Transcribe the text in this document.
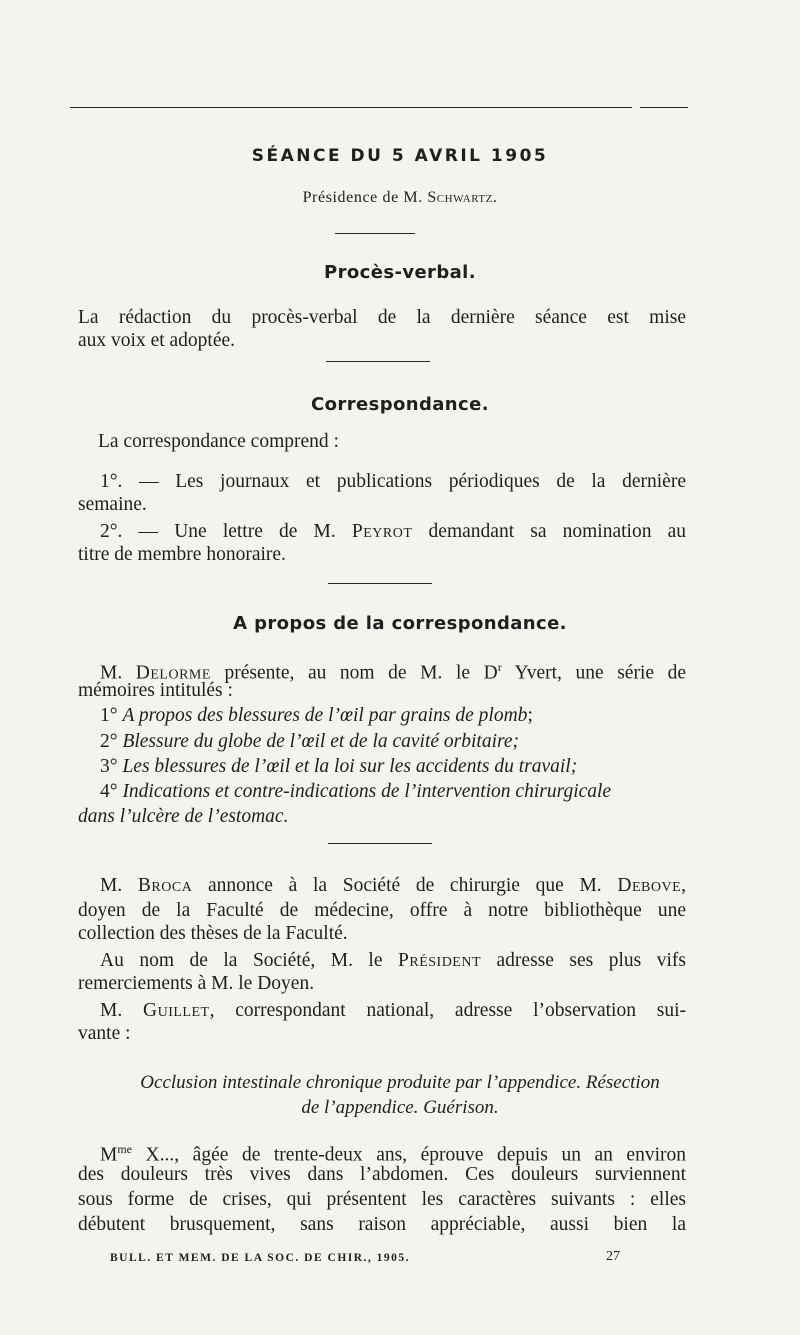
SÉANCE DU 5 AVRIL 1905
Présidence de M. Schwartz.
Procès-verbal.
La rédaction du procès-verbal de la dernière séance est mise
aux voix et adoptée.
Correspondance.
La correspondance comprend :
1°. — Les journaux et publications périodiques de la dernière
semaine.
2°. — Une lettre de M. Peyrot demandant sa nomination au
titre de membre honoraire.
A propos de la correspondance.
M. Delorme présente, au nom de M. le $D^r$ Yvert, une série de
mémoires intitulés :
1° A propos des blessures de l’œil par grains de plomb;
2° Blessure du globe de l’œil et de la cavité orbitaire;
3° Les blessures de l’œil et la loi sur les accidents du travail;
4° Indications et contre-indications de l’intervention chirurgicale
dans l’ulcère de l’estomac.
M. Broca annonce à la Société de chirurgie que M. Debove,
doyen de la Faculté de médecine, offre à notre bibliothèque une
collection des thèses de la Faculté.
Au nom de la Société, M. le Président adresse ses plus vifs
remerciements à M. le Doyen.
M. Guillet, correspondant national, adresse l’observation sui-
vante :
Occlusion intestinale chronique produite par l’appendice. Résection
de l’appendice. Guérison.
$M^{me}$ X..., âgée de trente-deux ans, éprouve depuis un an environ
des douleurs très vives dans l’abdomen. Ces douleurs surviennent
sous forme de crises, qui présentent les caractères suivants : elles
débutent brusquement, sans raison appréciable, aussi bien la
BULL. ET MEM. DE LA SOC. DE CHIR., 1905.	27
